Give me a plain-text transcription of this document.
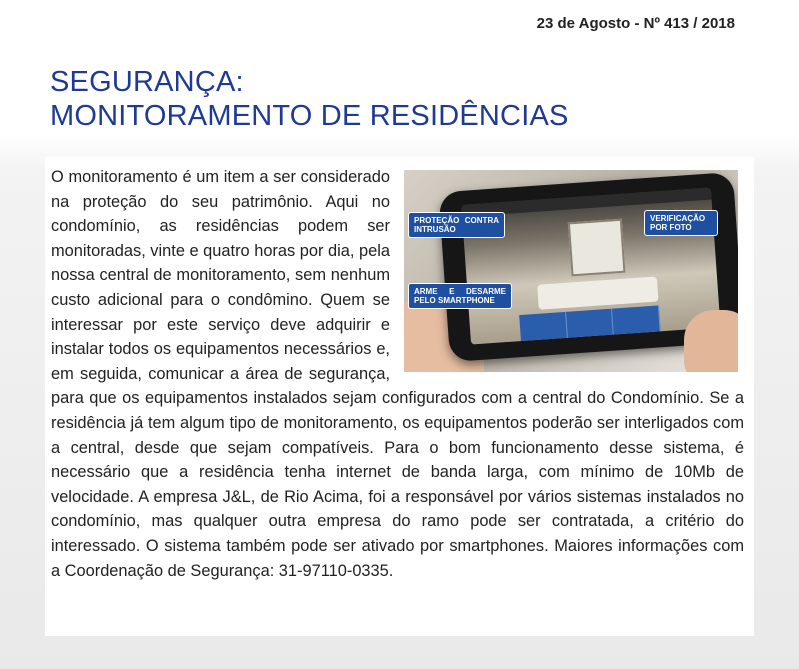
23 de Agosto - Nº 413 / 2018
SEGURANÇA:
MONITORAMENTO DE RESIDÊNCIAS
PROTEÇÃO CONTRA INTRUSÃO
VERIFICAÇÃO POR FOTO
ARME E DESARME PELO SMARTPHONE
O monitoramento é um item a ser considerado na proteção do seu patrimônio. Aqui no condomínio, as residências podem ser monitoradas, vinte e quatro horas por dia, pela nossa central de monitoramento, sem nenhum custo adicional para o condômino. Quem se interessar por este serviço deve adquirir e instalar todos os equipamentos necessários e, em seguida, comunicar a área de segurança, para que os equipamentos instalados sejam configurados com a central do Condomínio. Se a residência já tem algum tipo de monitoramento, os equipamentos poderão ser interligados com a central, desde que sejam compatíveis. Para o bom funcionamento desse sistema, é necessário que a residência tenha internet de banda larga, com mínimo de 10Mb de velocidade. A empresa J&L, de Rio Acima, foi a responsável por vários sistemas instalados no condomínio, mas qualquer outra empresa do ramo pode ser contratada, a critério do interessado. O sistema também pode ser ativado por smartphones. Maiores informações com a Coordenação de Segurança: 31-97110-0335.
